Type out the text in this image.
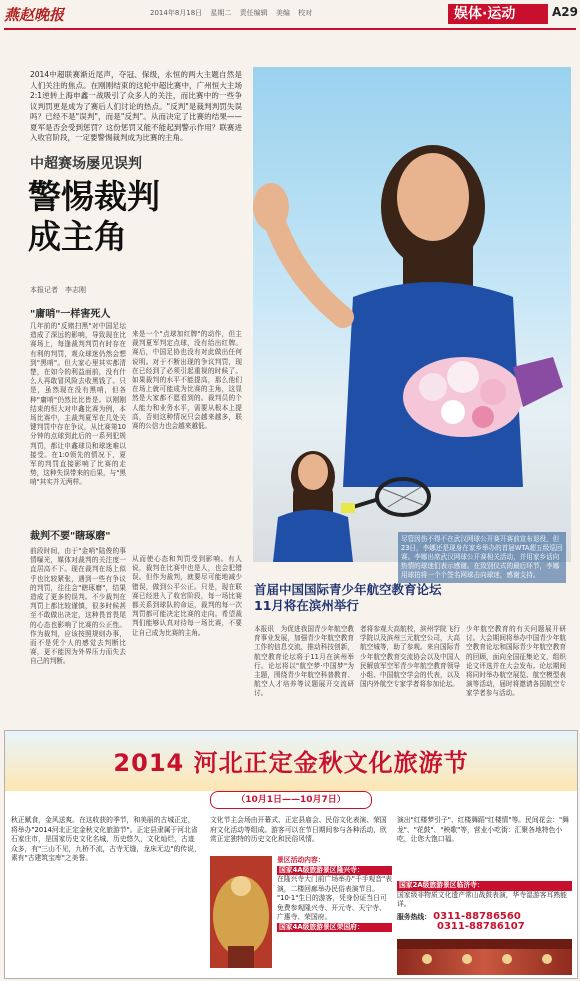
燕赵晚报	2014年8月18日 星期二 责任编辑 美编 校对	娱体·运动	A29
2014中超联赛渐近尾声，夺冠、保级，永恒的两大主题自然是人们关注的焦点。在刚刚结束的这轮中超比赛中，广州恒大主场2:1逆转上海申鑫一战吸引了众多人的关注，而比赛中的一些争议判罚更是成为了赛后人们讨论的热点。"反判"是裁判判罚失误吗？已经不是"误判"，而是"反判"。从而决定了比赛的结果——夏军是否会受到惩罚？这份惩罚又能不能起到警示作用？联赛进入收官阶段，一定要警惕裁判成为比赛的主角。
中超赛场屡见误判
警惕裁判
成主角
本报记者　李志刚
"庸哨"一样害死人
几年前的"反赌扫黑"对中国足坛造成了深远的影响，导致现在比赛场上，每逢裁判判罚有时存在有利的判罚，观众球迷仍然会想到"黑哨"。但大家心里其实都清楚，在如今的利益面前，没有什么人再敢冒风险去收黑钱了。只是，虽然现在没有黑哨，但各种"庸哨"仍然比比皆是。以刚刚结束的恒大对申鑫比赛为例，本场比赛中，主裁判夏军在几处关键判罚中存在争议，从比赛第10分钟的点球到此后的一系列犯规判罚，都让申鑫球员和球迷难以接受。在1:0领先的情况下，夏军的判罚直接影响了比赛的走势，这种失误带来的后果，与"黑哨"其实并无两样。
来是一个"点球加红牌"的动作，但主裁判夏军判定点球，没有给出红牌。赛后，中国足协也没有对此做出任何说明。对于不断出现的争议判罚，现在已经到了必须引起重视的时候了。如果裁判的水平不能提高，那么他们在场上就可能成为比赛的主角，这显然是大家都不愿看到的。裁判员的个人能力和业务水平，需要从根本上提高，否则这种情况只会越来越多，联赛的公信力也会越来越低。
裁判不要"瞎琢磨"
前段时间，由于"金哨"陆俊的事情曝光，媒体对裁判的关注度一直居高不下。现在裁判在场上似乎也比较紧张，遇到一些有争议的判罚，往往会"瞎琢磨"，结果造成了更多的误判。不少裁判在判罚上都比较谨慎，很多时候甚至不敢做出决定，这种畏首畏尾的心态也影响了比赛的公正性。作为裁判，应该按照规则办事，而不是凭个人的感觉去判断比赛，更不能因为外界压力而失去自己的判断。
从而使心态和判罚受到影响。有人说，裁判在比赛中也是人，也会犯错误。但作为裁判，就要尽可能地减少错误，做到公平公正。只是，现在联赛已经进入了收官阶段，每一场比赛都关系到球队的命运，裁判的每一次判罚都可能决定比赛的走向。希望裁判们能够认真对待每一场比赛，不要让自己成为比赛的主角。
尽管因伤不得不在武汉网球公开赛开赛前宣布退役，但23日，李娜还是现身在家乡举办的首届WTA超五级巡回赛。李娜出席武汉网球公开赛相关活动，并用家乡话向热情的球迷们表示感谢。在致别仪式的最后环节，李娜用球拍将一个个签名网球击向球迷，感谢支持。
首届中国国际青少年航空教育论坛
11月将在滨州举行
本报讯　为促进我国青少年航空教育事业发展，加强青少年航空教育工作的信息交流，推动科技创新，航空教育论坛将于11月在滨州举行。论坛将以"航空梦·中国梦"为主题，围绕青少年航空科普教育、航空人才培养等议题展开交流研讨。
者将参观大高航校，滨州学院飞行学院以及滨州三元航空公司，大高航空城等，助了参观。来自国际青少年航空教育交流协会以及中国人民解放军空军青少年航空教育领导小组、中国航空学会的代表，以及国内外航空专家学者将参加论坛。
少年航空教育的有关问题展开研讨。大会期间将举办中国青少年航空教育论坛和国际青少年航空教育的回顾，面向全国征集论文，组织论文评选并在大会发布。论坛期间将同时举办航空展览、航空模型表演等活动，届时将邀请各国航空专家学者参与活动。
2014 河北正定金秋文化旅游节
（10月1日——10月7日）
秋正赋食，金风送爽。在这收获的季节，和美丽的古城正定，将举办"2014河北正定金秋文化旅游节"。正定县隶属于河北省石家庄市，是国家历史文化名城，历史悠久，文化灿烂，古迹众多，有"三山不见，九桥不流，古寺无缝，龙床无边"的传说，素有"古建筑宝库"之美誉。
文化节主会场由开幕式、正定县庙会、民俗文化表演、荣国府文化活动等组成。游客可以在节日期间参与各种活动，欣赏正定独特的历史文化和民俗风情。
景区活动内容：
国家4A级旅游景区隆兴寺：
在隆兴寺大门前广场举办"千手观音"表演，二楼回廊举办民俗表演节目。
"10·1"生日的游客，凭身份证当日可免费参观隆兴寺、开元寺、天宁寺、广惠寺、荣国府。
国家4A级旅游景区荣国府：
演出"红楼梦引子"、红楼舞蹈"红楼情"等。民间花会："舞龙"、"花鼓"、"秧歌"等，营业小吃街：汇聚各地特色小吃，让您大饱口福。
国家2A级旅游景区临济寺：
国家级非物质文化遗产常山战鼓表演，华寺湿游客耳熟能详。
服务热线： 0311-88786560
0311-88786107
